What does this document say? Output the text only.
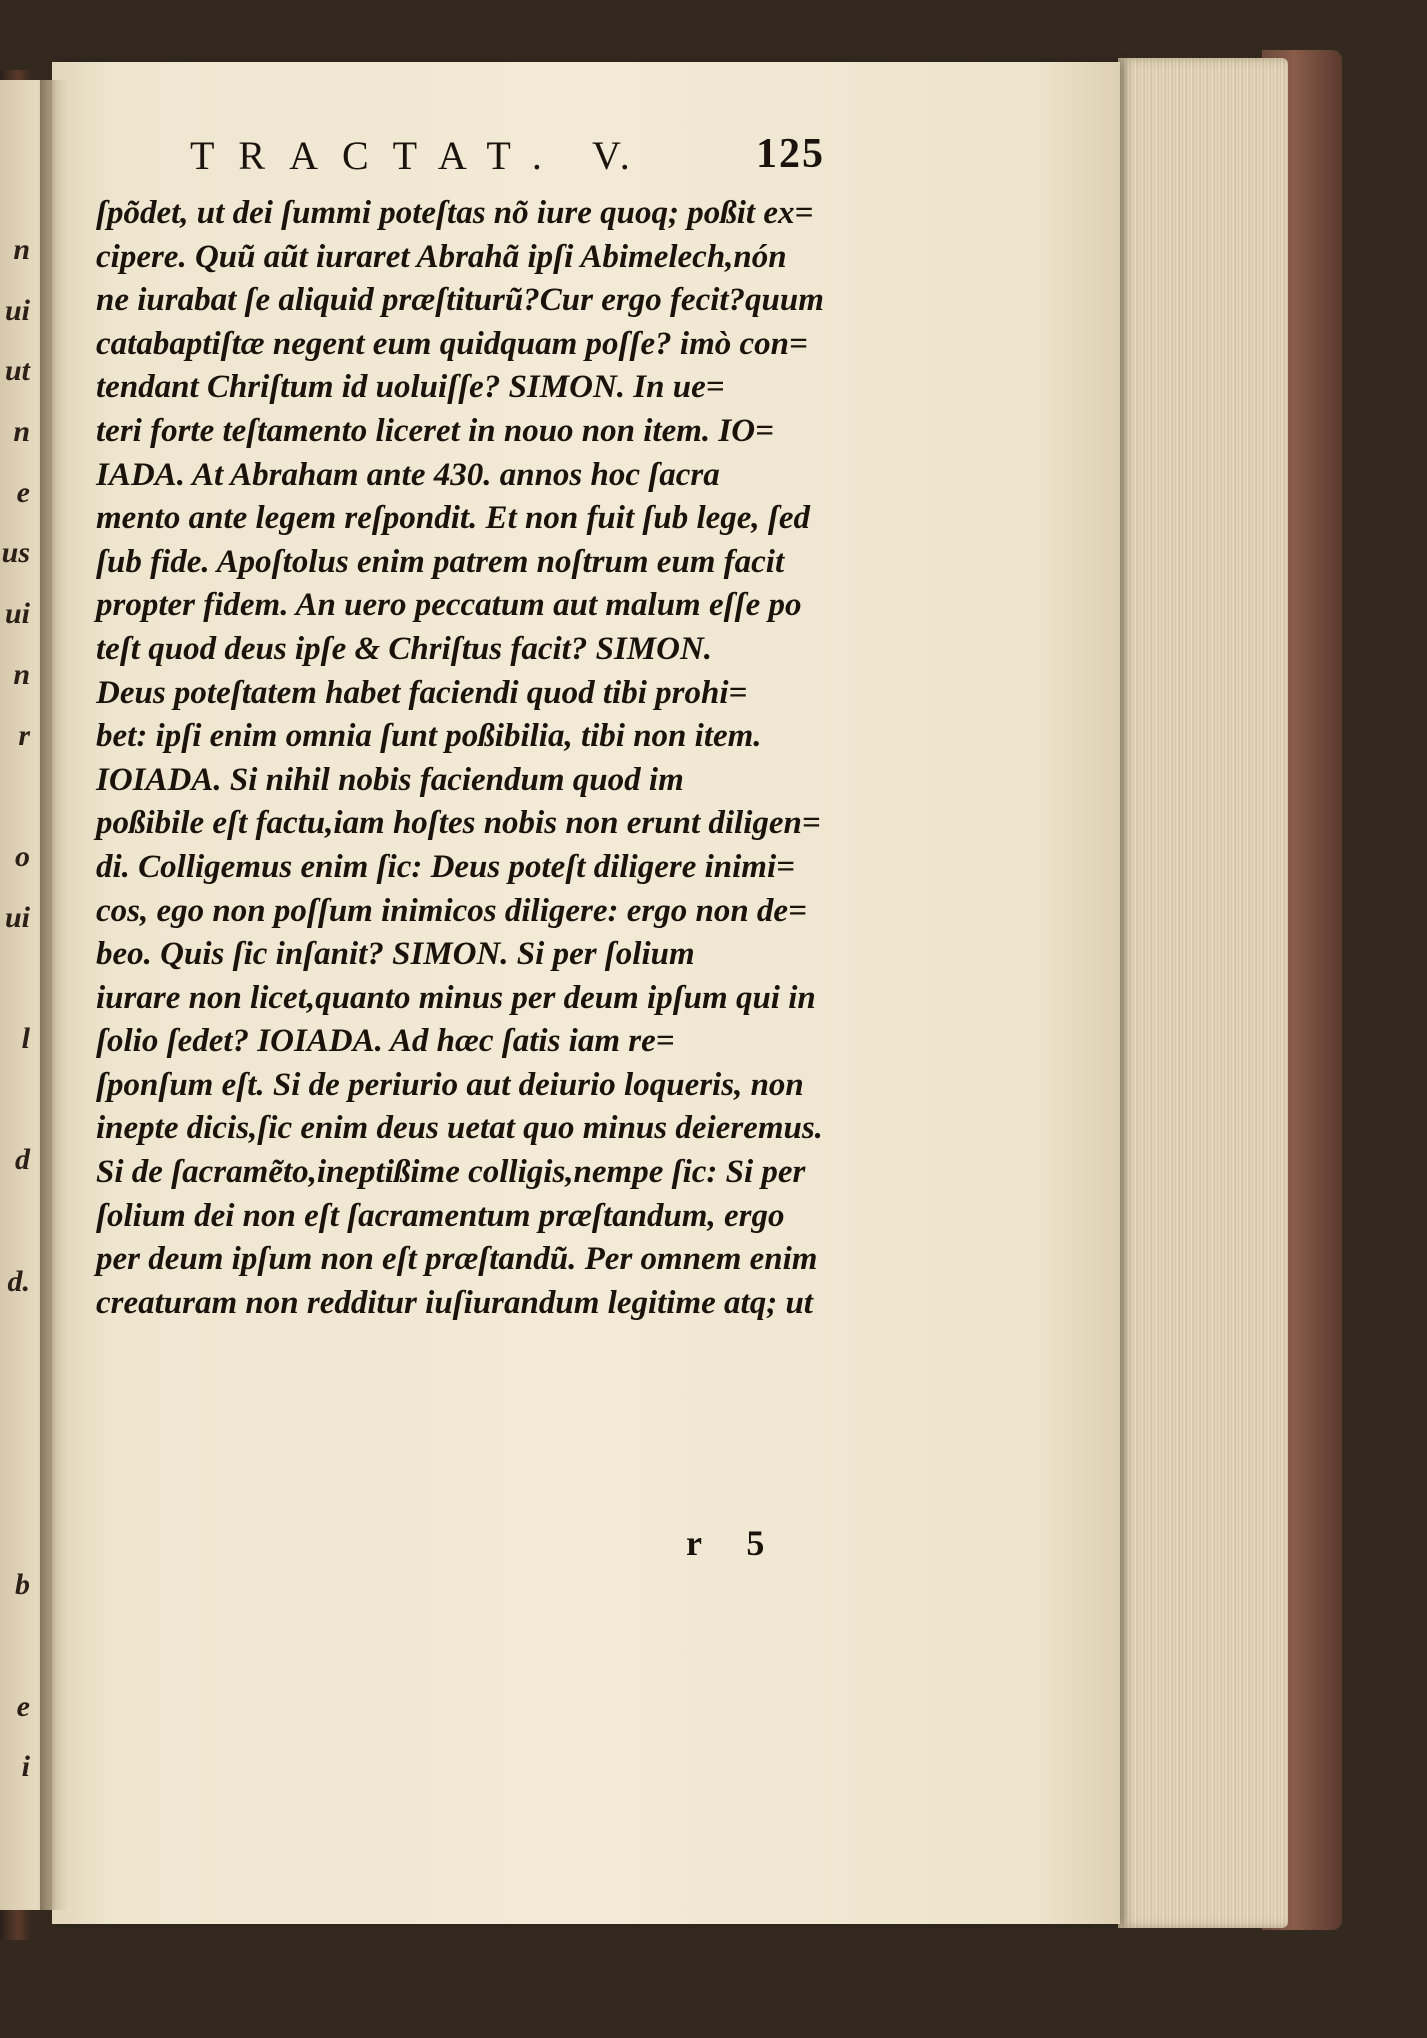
n
ui
ut
n
e
us
ui
n
r
o
ui
l
d
d.
b
e
i
TRACTAT. V.	125
ſpõdet, ut dei ſummi poteſtas nõ iure quoq; poßit ex=
cipere. Quũ aũt iuraret Abrahã ipſi Abimelech,nón
ne iurabat ſe aliquid præſtiturũ?Cur ergo fecit?quum
catabaptiſtæ negent eum quidquam poſſe? imò con=
tendant Chriſtum id uoluiſſe? SIMON. In ue=
teri forte teſtamento liceret in nouo non item. IO=
IADA. At Abraham ante 430. annos hoc ſacra
mento ante legem reſpondit. Et non fuit ſub lege, ſed
ſub fide. Apoſtolus enim patrem noſtrum eum facit
propter fidem. An uero peccatum aut malum eſſe po
teſt quod deus ipſe & Chriſtus facit? SIMON.
Deus poteſtatem habet faciendi quod tibi prohi=
bet: ipſi enim omnia ſunt poßibilia, tibi non item.
IOIADA. Si nihil nobis faciendum quod im
poßibile eſt factu,iam hoſtes nobis non erunt diligen=
di. Colligemus enim ſic: Deus poteſt diligere inimi=
cos, ego non poſſum inimicos diligere: ergo non de=
beo. Quis ſic inſanit? SIMON. Si per ſolium
iurare non licet,quanto minus per deum ipſum qui in
ſolio ſedet? IOIADA. Ad hæc ſatis iam re=
ſponſum eſt. Si de periurio aut deiurio loqueris, non
inepte dicis,ſic enim deus uetat quo minus deieremus.
Si de ſacramẽto,ineptißime colligis,nempe ſic: Si per
ſolium dei non eſt ſacramentum præſtandum, ergo
per deum ipſum non eſt præſtandũ. Per omnem enim
creaturam non redditur iuſiurandum legitime atq; ut
r 5
